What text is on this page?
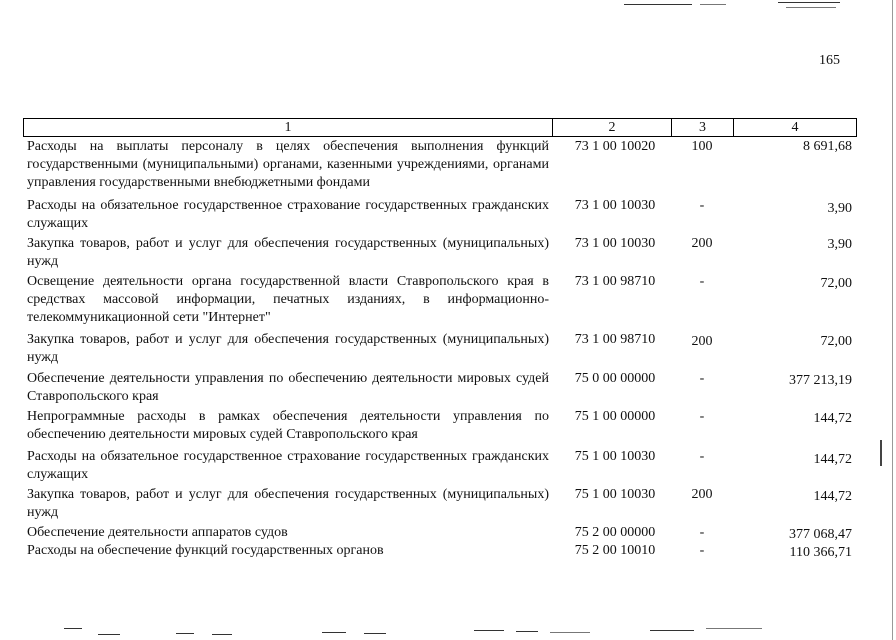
165
1	2	3	4
Расходы на выплаты персоналу в целях обеспечения выполнения функций государственными (муниципальными) органами, казенными учреждениями, органами управления государственными внебюджетными фондами
73 1 00 10020	100	8 691,68
Расходы на обязательное государственное страхование государственных гражданских служащих
73 1 00 10030	-	3,90
Закупка товаров, работ и услуг для обеспечения государственных (муниципальных) нужд
73 1 00 10030	200	3,90
Освещение деятельности органа государственной власти Ставропольского края в средствах массовой информации, печатных изданиях, в информационно-телекоммуникационной сети "Интернет"
73 1 00 98710	-	72,00
Закупка товаров, работ и услуг для обеспечения государственных (муниципальных) нужд
73 1 00 98710	200	72,00
Обеспечение деятельности управления по обеспечению деятельности мировых судей Ставропольского края
75 0 00 00000	-	377 213,19
Непрограммные расходы в рамках обеспечения деятельности управления по обеспечению деятельности мировых судей Ставропольского края
75 1 00 00000	-	144,72
Расходы на обязательное государственное страхование государственных гражданских служащих
75 1 00 10030	-	144,72
Закупка товаров, работ и услуг для обеспечения государственных (муниципальных) нужд
75 1 00 10030	200	144,72
Обеспечение деятельности аппаратов судов	75 2 00 00000	-	377 068,47
Расходы на обеспечение функций государственных органов	75 2 00 10010	-	110 366,71
